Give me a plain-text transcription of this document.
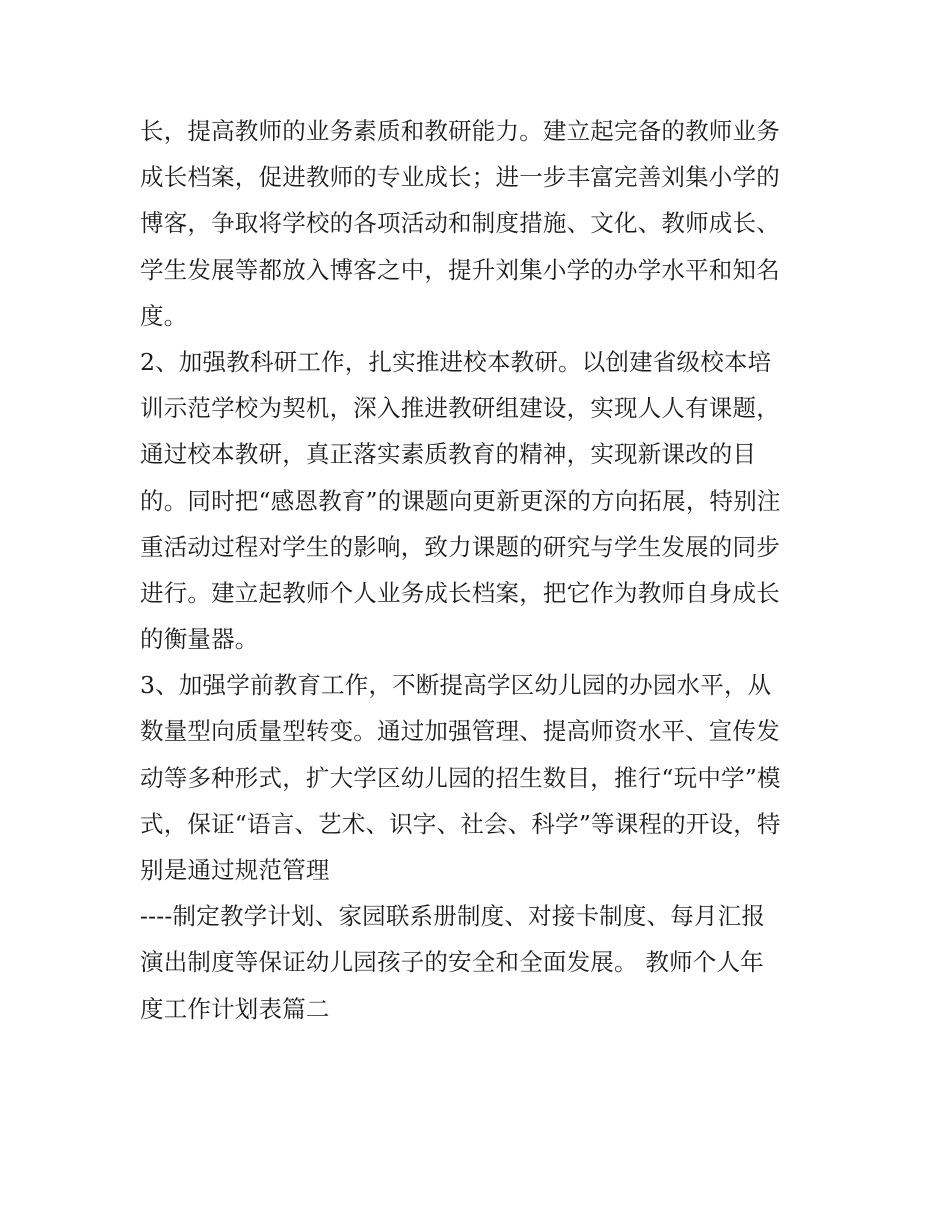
长，提高教师的业务素质和教研能力。建立起完备的教师业务
成长档案，促进教师的专业成长；进一步丰富完善刘集小学的
博客，争取将学校的各项活动和制度措施、文化、教师成长、
学生发展等都放入博客之中，提升刘集小学的办学水平和知名
度。
2、加强教科研工作，扎实推进校本教研。以创建省级校本培
训示范学校为契机，深入推进教研组建设，实现人人有课题，
通过校本教研，真正落实素质教育的精神，实现新课改的目
的。同时把“感恩教育”的课题向更新更深的方向拓展，特别注
重活动过程对学生的影响，致力课题的研究与学生发展的同步
进行。建立起教师个人业务成长档案，把它作为教师自身成长
的衡量器。
3、加强学前教育工作，不断提高学区幼儿园的办园水平，从
数量型向质量型转变。通过加强管理、提高师资水平、宣传发
动等多种形式，扩大学区幼儿园的招生数目，推行“玩中学”模
式，保证“语言、艺术、识字、社会、科学”等课程的开设，特
别是通过规范管理
----制定教学计划、家园联系册制度、对接卡制度、每月汇报
演出制度等保证幼儿园孩子的安全和全面发展。 教师个人年
度工作计划表篇二
